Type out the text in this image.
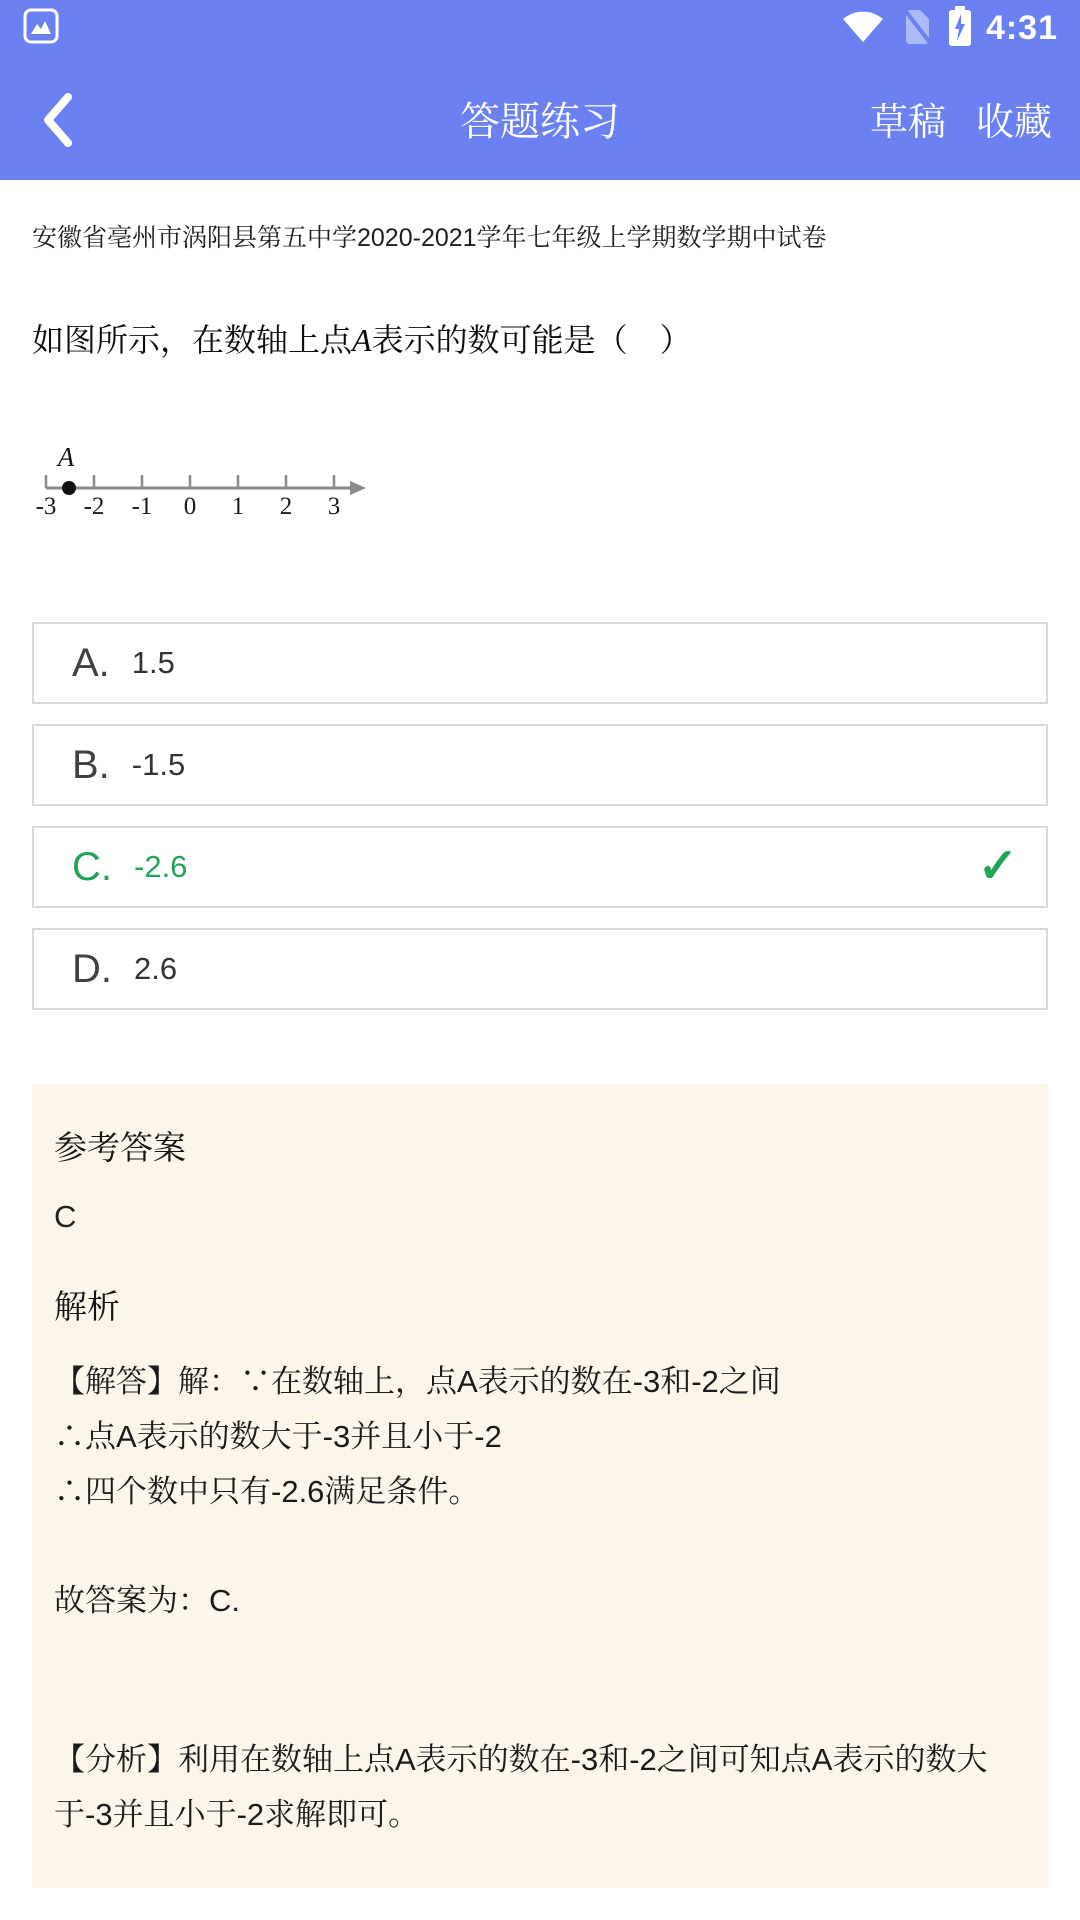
4:31
答题练习	草稿 收藏
安徽省亳州市涡阳县第五中学2020-2021学年七年级上学期数学期中试卷
如图所示，在数轴上点A表示的数可能是（　）
A
-3 -2 -1 0 1 2 3
A. 1.5
B. -1.5
C. -2.6	✓
D. 2.6
参考答案
C
解析
【解答】解：∵在数轴上，点A表示的数在-3和-2之间
∴点A表示的数大于-3并且小于-2
∴四个数中只有-2.6满足条件。
故答案为：C.
【分析】利用在数轴上点A表示的数在-3和-2之间可知点A表示的数大于-3并且小于-2求解即可。
